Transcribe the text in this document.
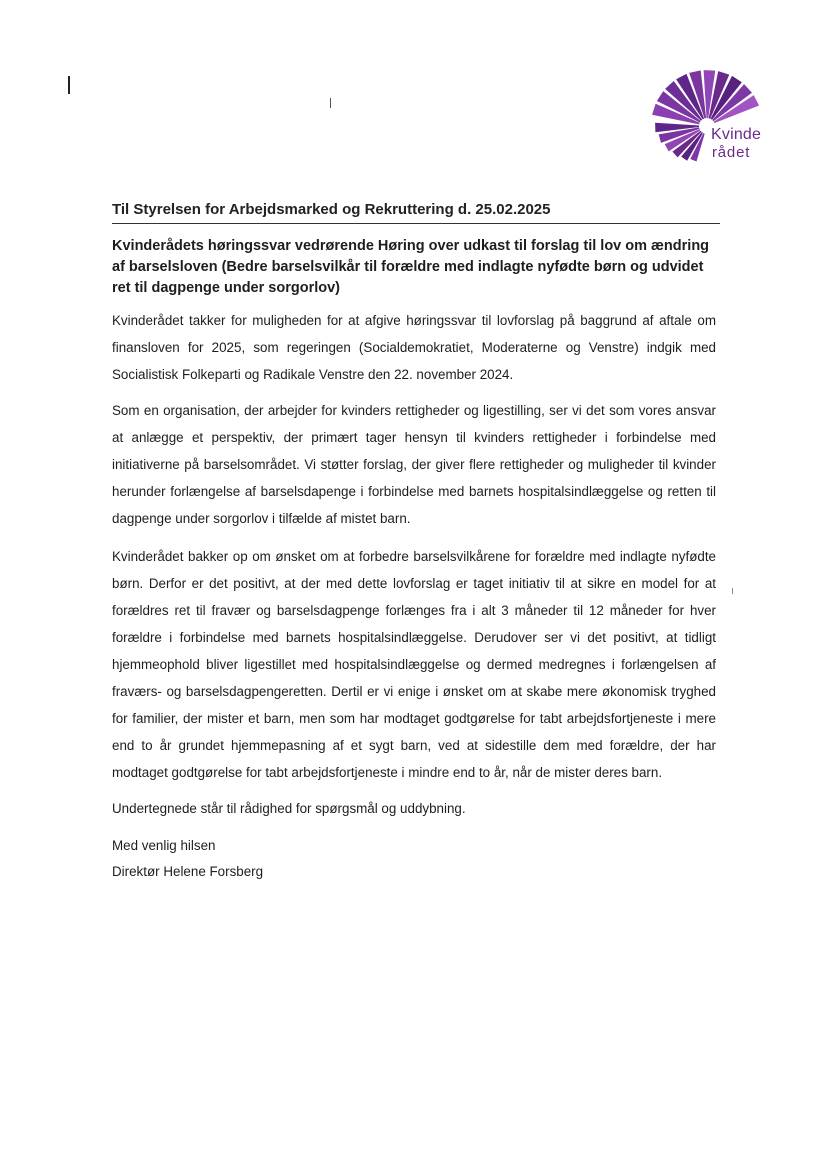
Kvinde
rådet
Til Styrelsen for Arbejdsmarked og Rekruttering d. 25.02.2025
Kvinderådets høringssvar vedrørende Høring over udkast til forslag til lov om ændring af barselsloven (Bedre barselsvilkår til forældre med indlagte nyfødte børn og udvidet ret til dagpenge under sorgorlov)
Kvinderådet takker for muligheden for at afgive høringssvar til lovforslag på baggrund af aftale om finansloven for 2025, som regeringen (Socialdemokratiet, Moderaterne og Venstre) indgik med Socialistisk Folkeparti og Radikale Venstre den 22. november 2024.
Som en organisation, der arbejder for kvinders rettigheder og ligestilling, ser vi det som vores ansvar at anlægge et perspektiv, der primært tager hensyn til kvinders rettigheder i forbindelse med initiativerne på barselsområdet. Vi støtter forslag, der giver flere rettigheder og muligheder til kvinder herunder forlængelse af barselsdapenge i forbindelse med barnets hospitalsindlæggelse og retten til dagpenge under sorgorlov i tilfælde af mistet barn.
Kvinderådet bakker op om ønsket om at forbedre barselsvilkårene for forældre med indlagte nyfødte børn. Derfor er det positivt, at der med dette lovforslag er taget initiativ til at sikre en model for at forældres ret til fravær og barselsdagpenge forlænges fra i alt 3 måneder til 12 måneder for hver forældre i forbindelse med barnets hospitalsindlæggelse. Derudover ser vi det positivt, at tidligt hjemmeophold bliver ligestillet med hospitalsindlæggelse og dermed medregnes i forlængelsen af fraværs- og barselsdagpengeretten. Dertil er vi enige i ønsket om at skabe mere økonomisk tryghed for familier, der mister et barn, men som har modtaget godtgørelse for tabt arbejdsfortjeneste i mere end to år grundet hjemmepasning af et sygt barn, ved at sidestille dem med forældre, der har modtaget godtgørelse for tabt arbejdsfortjeneste i mindre end to år, når de mister deres barn.
Undertegnede står til rådighed for spørgsmål og uddybning.
Med venlig hilsen
Direktør Helene Forsberg
